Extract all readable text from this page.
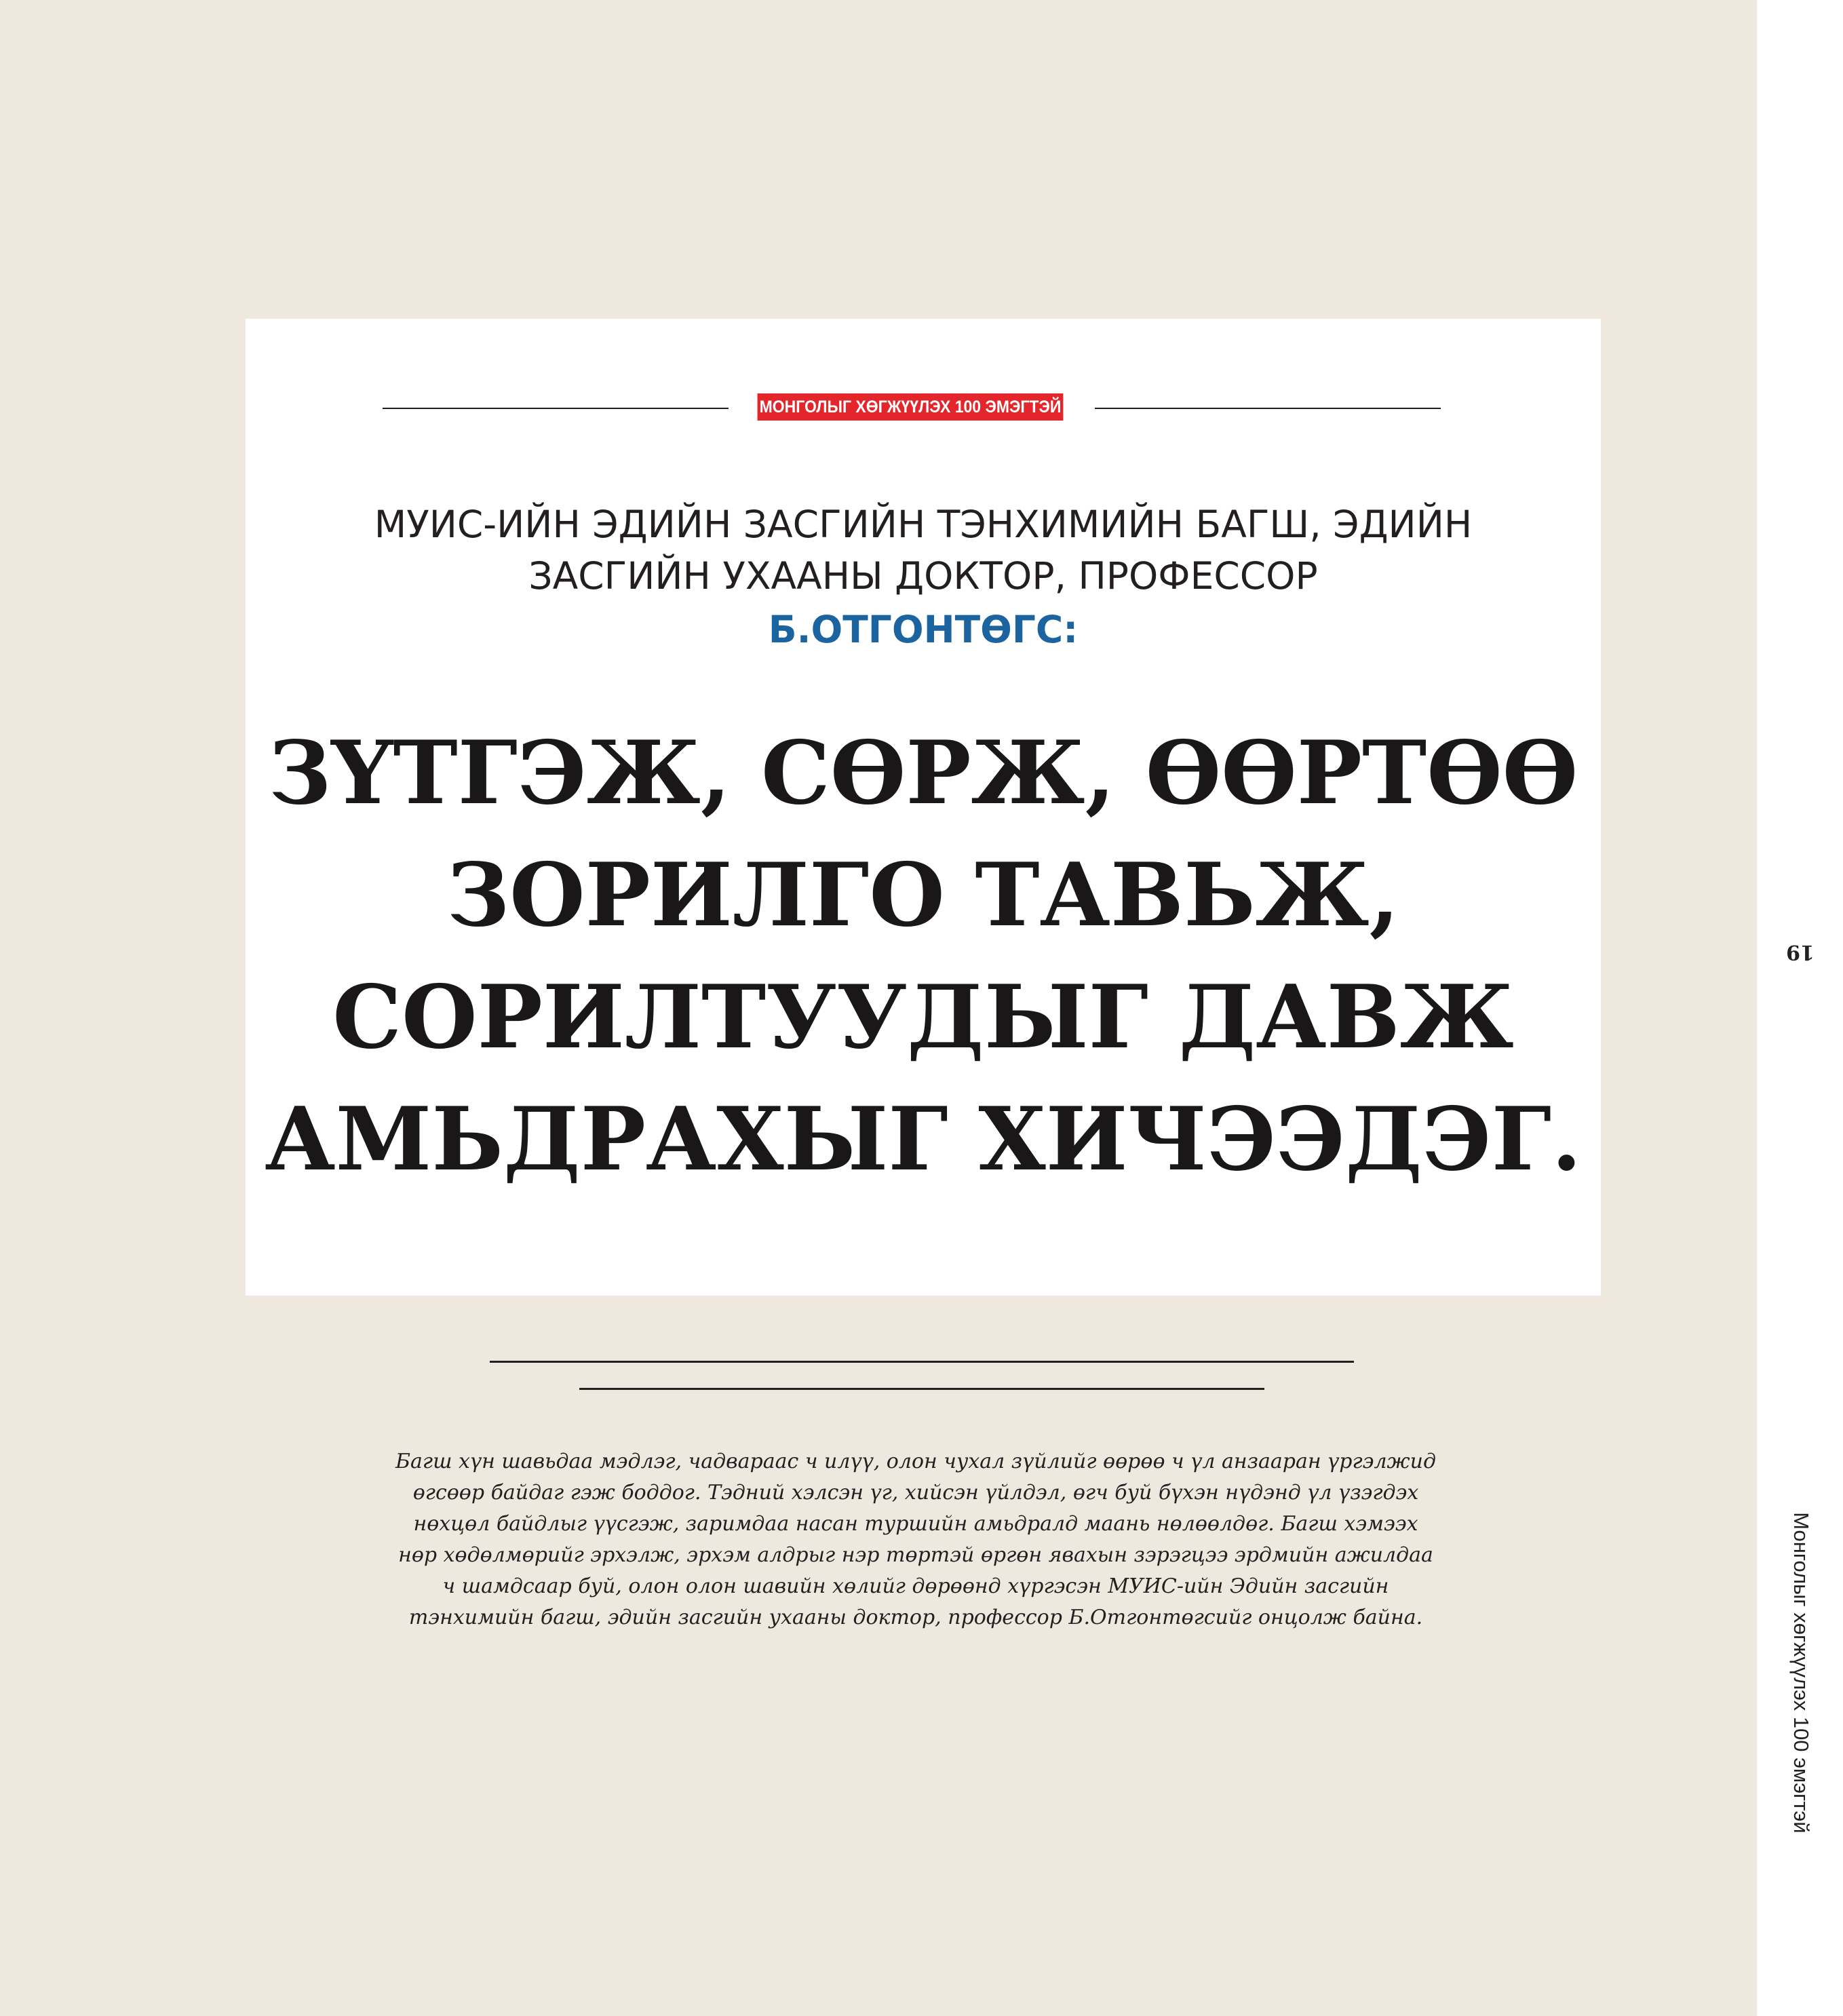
МОНГОЛЫГ ХӨГЖҮҮЛЭХ 100 ЭМЭГТЭЙ
МУИС-ИЙН ЭДИЙН ЗАСГИЙН ТЭНХИМИЙН БАГШ, ЭДИЙН
ЗАСГИЙН УХААНЫ ДОКТОР, ПРОФЕССОР
Б.ОТГОНТӨГС:
ЗҮТГЭЖ, СӨРЖ, ӨӨРТӨӨ
ЗОРИЛГО ТАВЬЖ,
СОРИЛТУУДЫГ ДАВЖ
АМЬДРАХЫГ ХИЧЭЭДЭГ.
Багш хүн шавьдаа мэдлэг, чадвараас ч илүү, олон чухал зүйлийг өөрөө ч үл анзааран үргэлжид
өгсөөр байдаг гэж боддог. Тэдний хэлсэн үг, хийсэн үйлдэл, өгч буй бүхэн нүдэнд үл үзэгдэх
нөхцөл байдлыг үүсгэж, заримдаа насан туршийн амьдралд маань нөлөөлдөг. Багш хэмээх
нөр хөдөлмөрийг эрхэлж, эрхэм алдрыг нэр төртэй өргөн явахын зэрэгцээ эрдмийн ажилдаа
ч шамдсаар буй, олон олон шавийн хөлийг дөрөөнд хүргэсэн МУИС-ийн Эдийн засгийн
тэнхимийн багш, эдийн засгийн ухааны доктор, профессор Б.Отгонтөгсийг онцолж байна.
19
Монголыг хөгжүүлэх 100 эмэгтэй
